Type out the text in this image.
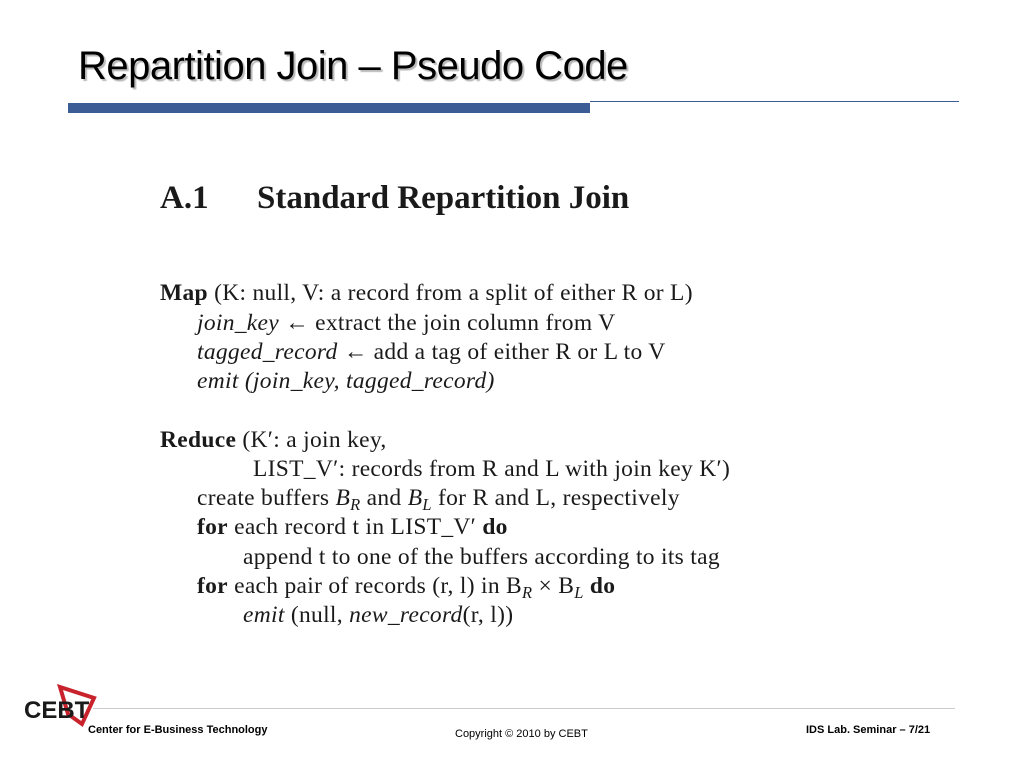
Repartition Join – Pseudo Code
A.1 Standard Repartition Join
Map (K: null, V: a record from a split of either R or L)
join_key ← extract the join column from V
tagged_record ← add a tag of either R or L to V
emit (join_key, tagged_record)
Reduce (K′: a join key,
LIST_V′: records from R and L with join key K′)
create buffers $B_R$ and $B_L$ for R and L, respectively
for each record t in LIST_V′ do
append t to one of the buffers according to its tag
for each pair of records (r, l) in $B_R \times B_L$ do
emit (null, new_record(r, l))
CEBT
Center for E-Business Technology	Copyright © 2010 by CEBT	IDS Lab. Seminar – 7/21
